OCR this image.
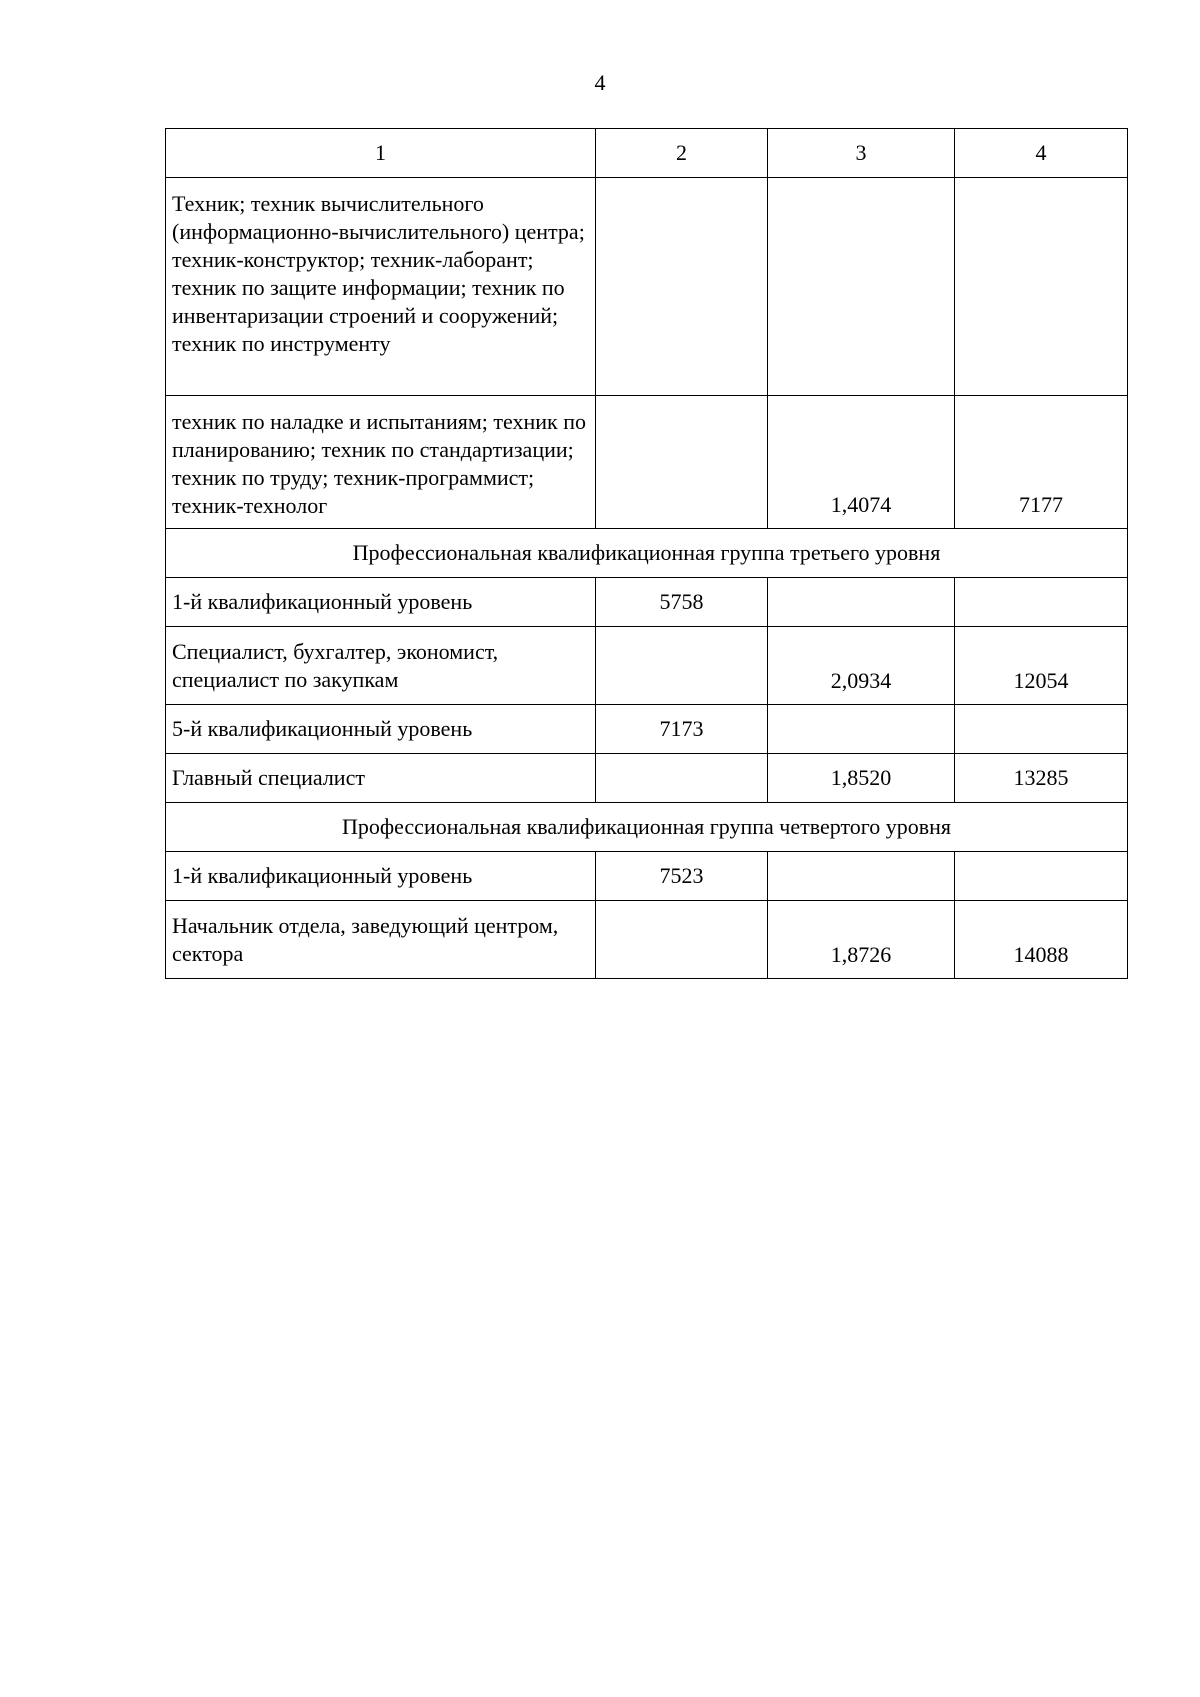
4
1	2	3	4
Техник; техник вычислительного (информационно-вычислительного) центра; техник-конструктор; техник-лаборант; техник по защите информации; техник по инвентаризации строений и сооружений; техник по инструменту			
техник по наладке и испытаниям; техник по планированию; техник по стандартизации; техник по труду; техник-программист; техник-технолог		1,4074	7177
Профессиональная квалификационная группа третьего уровня			
1-й квалификационный уровень	5758		
Специалист, бухгалтер, экономист, специалист по закупкам		2,0934	12054
5-й квалификационный уровень	7173		
Главный специалист		1,8520	13285
Профессиональная квалификационная группа четвертого уровня			
1-й квалификационный уровень	7523		
Начальник отдела, заведующий центром, сектора		1,8726	14088
